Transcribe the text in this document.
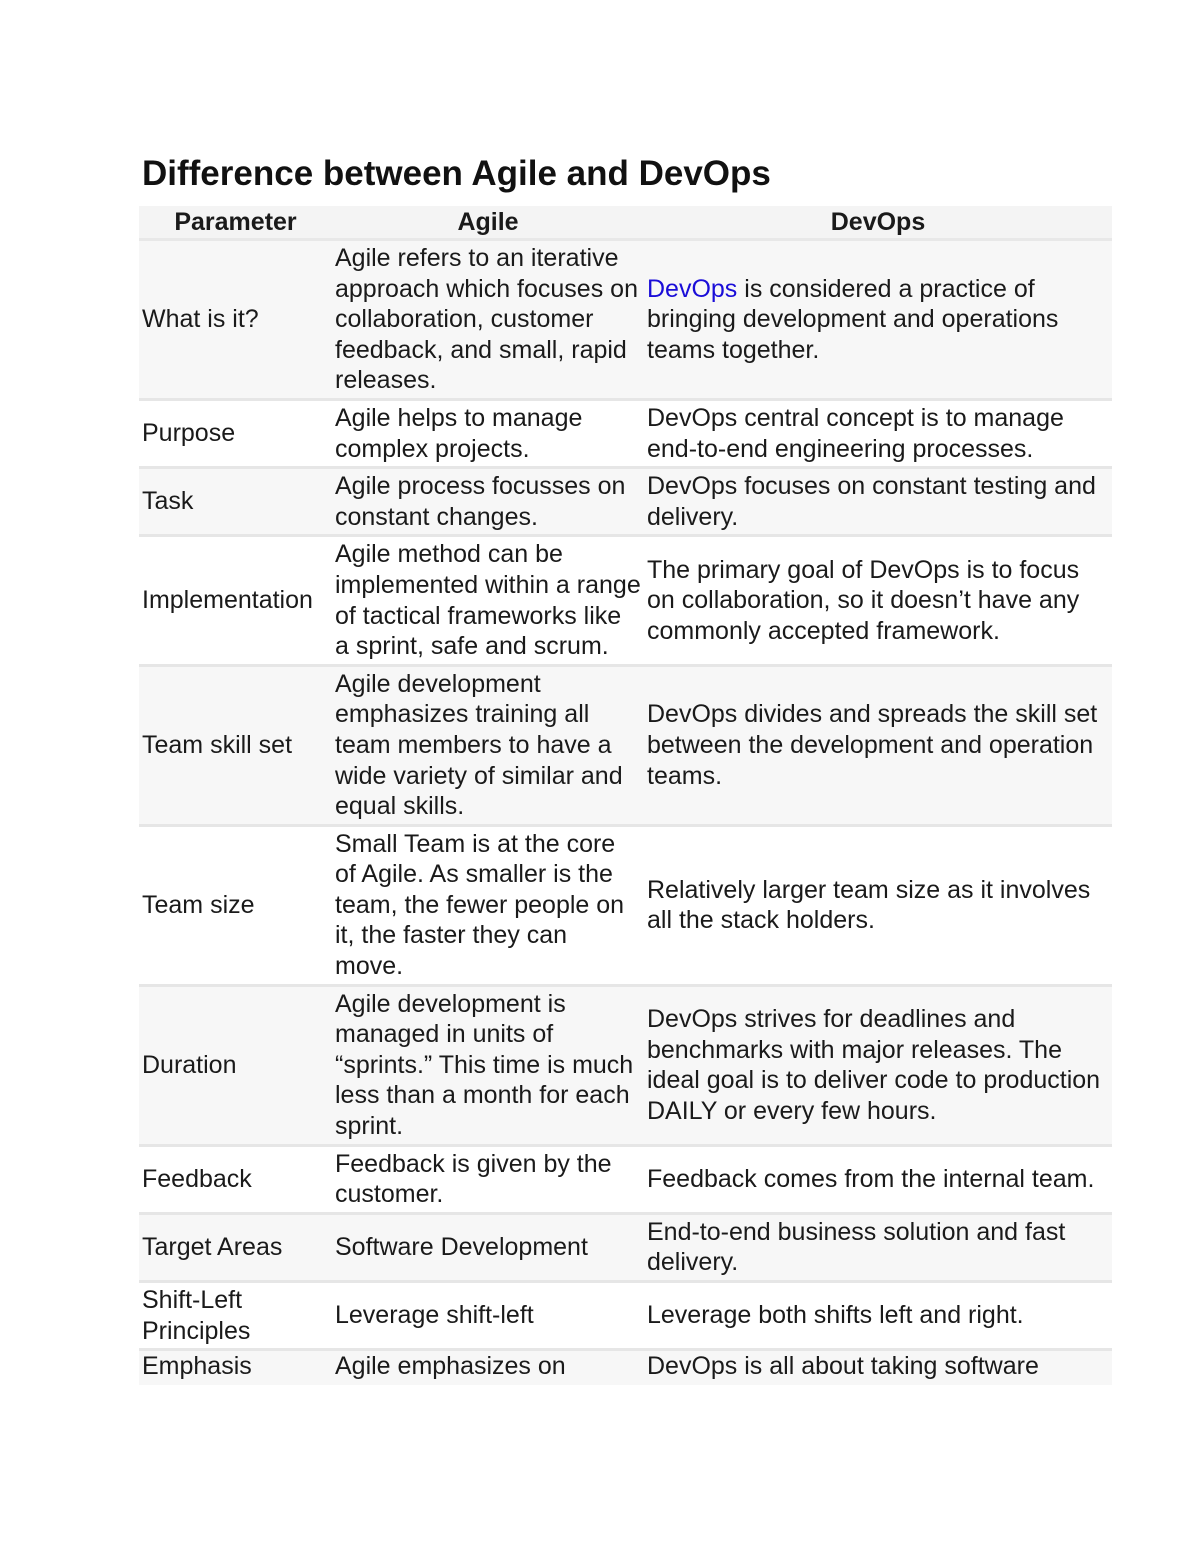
Difference between Agile and DevOps
Parameter	Agile	DevOps
What is it?	Agile refers to an iterative approach which focuses on collaboration, customer feedback, and small, rapid releases.	DevOps is considered a practice of bringing development and operations teams together.
Purpose	Agile helps to manage complex projects.	DevOps central concept is to manage end-to-end engineering processes.
Task	Agile process focusses on constant changes.	DevOps focuses on constant testing and delivery.
Implementation	Agile method can be implemented within a range of tactical frameworks like a sprint, safe and scrum.	The primary goal of DevOps is to focus on collaboration, so it doesn’t have any commonly accepted framework.
Team skill set	Agile development emphasizes training all team members to have a wide variety of similar and equal skills.	DevOps divides and spreads the skill set between the development and operation teams.
Team size	Small Team is at the core of Agile. As smaller is the team, the fewer people on it, the faster they can move.	Relatively larger team size as it involves all the stack holders.
Duration	Agile development is managed in units of “sprints.” This time is much less than a month for each sprint.	DevOps strives for deadlines and benchmarks with major releases. The ideal goal is to deliver code to production DAILY or every few hours.
Feedback	Feedback is given by the customer.	Feedback comes from the internal team.
Target Areas	Software Development	End-to-end business solution and fast delivery.
Shift-Left Principles	Leverage shift-left	Leverage both shifts left and right.
Emphasis	Agile emphasizes on	DevOps is all about taking software
